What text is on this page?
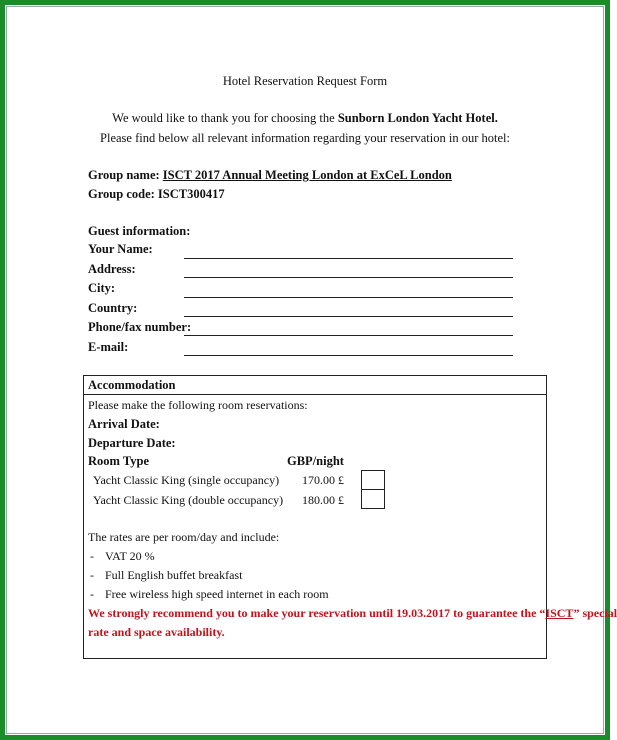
Hotel Reservation Request Form
We would like to thank you for choosing the Sunborn London Yacht Hotel.
Please find below all relevant information regarding your reservation in our hotel:
Group name: ISCT 2017 Annual Meeting London at ExCeL London
Group code: ISCT300417
Guest information:
Your Name:
Address:
City:
Country:
Phone/fax number:
E-mail:
Accommodation
Please make the following room reservations:
Arrival Date:
Departure Date:
Room Type	GBP/night
Yacht Classic King (single occupancy) 170.00 £
Yacht Classic King (double occupancy) 180.00 £
The rates are per room/day and include:
- VAT 20 %
- Full English buffet breakfast
- Free wireless high speed internet in each room
We strongly recommend you to make your reservation until 19.03.2017 to guarantee the “ISCT” special
rate and space availability.
